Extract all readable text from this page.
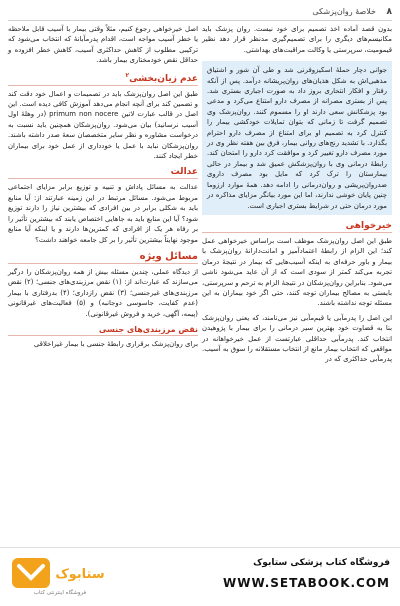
۸
خلاصهٔ روان‌پزشکی

بدون قصد آماده اخذ تصمیم برای خود نیست. روان پزشک باید مکانیسم‌های دیگری را برای تصمیم‌گیری مدنظر قرار دهد نظیر قیمومیت، سرپرستی یا وکالت مراقبت‌های بهداشتی.

جوانی دچار حملهٔ اسکیزوفرنی شد و طی آن شور و اشتیاق مذهبی‌اش به شکل هذیان‌های روان‌پریشانه درآمد. پس از آنکه رفتار و افکار انتحاری بروز داد به صورت اجباری بستری شد. پس از بستری مصرانه از مصرف دارو امتناع می‌کرد و مدعی بود پزشکانش سعی دارند او را مسموم کنند. روان‌پزشک وی تصمیم گرفت تا زمانی که بتوان تمایلات خودکشی بیمار را کنترل کرد به تصمیم او برای امتناع از مصرف دارو احترام بگذارد. با تشدید رنج‌های روانی بیمار، فرق بین هفته نظر وی در مورد مصرف دارو تغییر کرد و موافقت کرد دارو را امتحان کند. رابطهٔ درمانی وی با روان‌پزشکش عمیق شد و بیمار در حالی بیمارستان را ترک کرد که مایل بود مصرف داروی ضدروان‌پریشی و روان‌درمانی را ادامه دهد. همهٔ موارد ارزوما چنین پایان خوشی ندارند، اما این مورد بیانگر مزایای مذاکره در مورد درمان حتی در شرایط بستری اجباری است.

خیرخواهی

طبق این اصل روان‌پزشک موظف است براساس خیرخواهی عمل کند؛ این الزام از رابطهٔ اعتمادآمیز و امانت‌دارانهٔ روان‌پزشک با بیمار و باور حرفه‌ای به اینکه آسیب‌هایی که بیمار در نتیجهٔ درمان تجربه می‌کند کمتر از سودی است که از آن عاید می‌شود ناشی می‌شود. بنابراین روان‌پزشکان در نتیجهٔ الزام به ترحم و سرپرستی، بایستی به مصالح بیماران توجه کنند، حتی اگر خود بیماران به این مسئله توجه نداشته باشند.

این اصل را پدرمآبی یا قیم‌مآبی نیز می‌نامند، که یعنی روان‌پزشک بنا به قضاوت خود بهترین سیر درمانی را برای بیمار با پژوهیدن انتخاب کند. پدرمآبی حداقلی عبارتست از عمل خیرخواهانه در مواقعی که انتخاب بیمار مانع از انتخاب مستقلانه را سوق به آسیب. پدرمآبی حداکثری که در

اصل خیرخواهی رجوع کنیم، مثلاً وقتی بیمار با آسیب قابل ملاحظه یا خطر آسیب مواجه است، اقدام پدرمآبانهٔ که انتخاب می‌شود که ترکیبی مطلوب از کاهش حداکثری آسیب، کاهش خطر افزوده و حداقل نقض خودمختاری بیمار باشد.

عدم زیان‌بخشی$^۲$

طبق این اصل روان‌پزشک باید در تصمیمات و اعمال خود دقت کند و تضمین کند برای آنچه انجام می‌دهد آموزش کافی دیده است. این اصل در قالب عبارت لاتین primum non nocere (در وهلهٔ اول آسیب نرسانید) بیان می‌شود. روان‌پزشکان همچنین باید نسبت به درخواست مشاوره و نظر سایر متخصصان سعهٔ صدر داشته باشند. روان‌پزشکان نباید با عمل یا خودداری از عمل خود برای بیماران خطر ایجاد کنند.

عدالت

عدالت به مسائل پاداش و تنبیه و توزیع برابر مزایای اجتماعی مربوط می‌شود. مسائل مرتبط در این زمینه عبارتند از: آیا منابع باید به شکلی برابر در بین افرادی که بیشترین نیاز را دارند توزیع شود؟ آیا این منابع باید به جاهایی اختصاص یابند که بیشترین تأثیر را بر رفاه هر یک از افرادی که کمترین‌ها دارند و یا اینکه آیا منابع موجود نهایتاً بیشترین تأثیر را بر کل جامعه خواهند داشت؟

مسائل ویژه

از دیدگاه عملی، چندین مسئله بیش از همه روان‌پزشکان را درگیر می‌سازند که عبارت‌اند از: (۱) نقض مرزبندی‌های جنسی؛ (۲) نقض مرزبندی‌های غیرجنسی؛ (۳) نقض رازداری؛ (۴) بدرفتاری با بیمار (عدم کفایت، جاسوسی دوجانبه) و (۵) فعالیت‌های غیرقانونی (پیمه، آگهی، خرید و فروش غیرقانونی).

نقض مرزبندی‌های جنسی

برای روان‌پزشک برقراری رابطهٔ جنسی با بیمار غیراخلاقی

ستابوک
فروشگاه اینترنتی کتاب
فروشگاه کتاب پزشکی ستابوک
WWW.SETABOOK.COM
